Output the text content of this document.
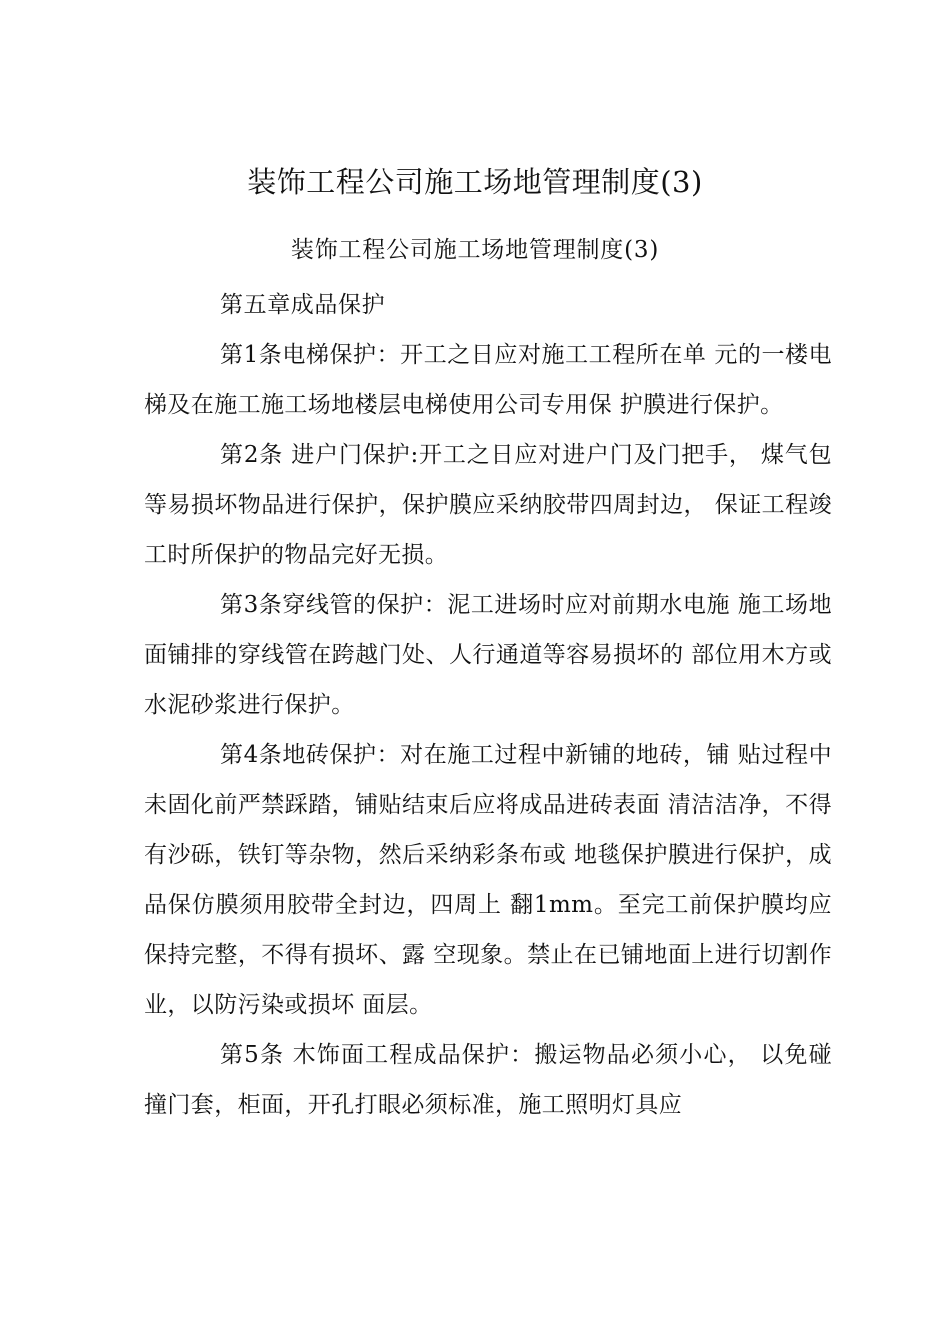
装饰工程公司施工场地管理制度(3)
装饰工程公司施工场地管理制度(3)

第五章成品保护

第1条电梯保护：开工之日应对施工工程所在单 元的一楼电梯及在施工施工场地楼层电梯使用公司专用保 护膜进行保护。

第2条 进户门保护:开工之日应对进户门及门把手， 煤气包等易损坏物品进行保护，保护膜应采纳胶带四周封边， 保证工程竣工时所保护的物品完好无损。

第3条穿线管的保护：泥工进场时应对前期水电施 施工场地面铺排的穿线管在跨越门处、人行通道等容易损坏的 部位用木方或水泥砂浆进行保护。

第4条地砖保护：对在施工过程中新铺的地砖，铺 贴过程中未固化前严禁踩踏，铺贴结束后应将成品进砖表面 清洁洁净，不得有沙砾，铁钉等杂物，然后采纳彩条布或 地毯保护膜进行保护，成品保仿膜须用胶带全封边，四周上 翻1mm。至完工前保护膜均应保持完整，不得有损坏、露 空现象。禁止在已铺地面上进行切割作业，以防污染或损坏 面层。

第5条 木饰面工程成品保护：搬运物品必须小心， 以免碰撞门套，柜面，开孔打眼必须标准，施工照明灯具应
